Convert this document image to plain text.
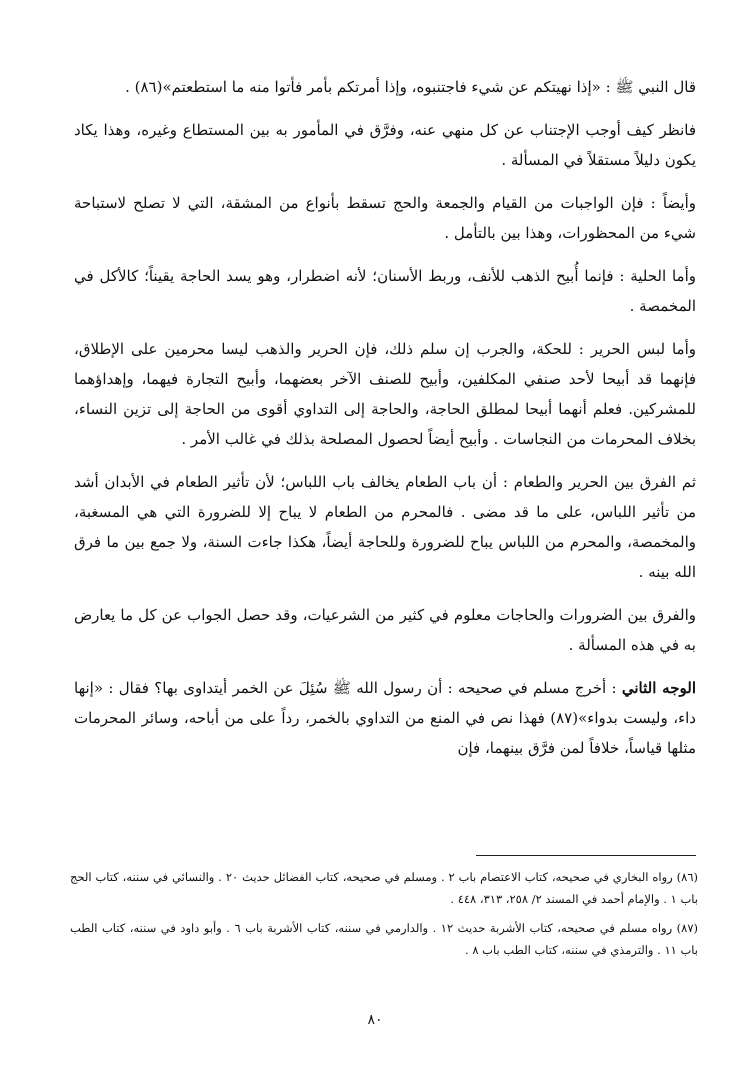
قال النبي ﷺ : «إذا نهيتكم عن شيء فاجتنبوه، وإذا أمرتكم بأمر فأتوا منه ما استطعتم»(٨٦) .

فانظر كيف أوجب الإجتناب عن كل منهي عنه، وفرَّق في المأمور به بين المستطاع وغيره، وهذا يكاد يكون دليلاً مستقلاً في المسألة .

وأيضاً : فإن الواجبات من القيام والجمعة والحج تسقط بأنواع من المشقة، التي لا تصلح لاستباحة شيء من المحظورات، وهذا بين بالتأمل .

وأما الحلية : فإنما أُبيح الذهب للأنف، وربط الأسنان؛ لأنه اضطرار، وهو يسد الحاجة يقيناً؛ كالأكل في المخمصة .

وأما لبس الحرير : للحكة، والجرب إن سلم ذلك، فإن الحرير والذهب ليسا محرمين على الإطلاق، فإنهما قد أبيحا لأحد صنفي المكلفين، وأبيح للصنف الآخر بعضهما، وأبيح التجارة فيهما، وإهداؤهما للمشركين. فعلم أنهما أبيحا لمطلق الحاجة، والحاجة إلى التداوي أقوى من الحاجة إلى تزين النساء، بخلاف المحرمات من النجاسات . وأبيح أيضاً لحصول المصلحة بذلك في غالب الأمر .

ثم الفرق بين الحرير والطعام : أن باب الطعام يخالف باب اللباس؛ لأن تأثير الطعام في الأبدان أشد من تأثير اللباس، على ما قد مضى . فالمحرم من الطعام لا يباح إلا للضرورة التي هي المسغبة، والمخمصة، والمحرم من اللباس يباح للضرورة وللحاجة أيضاً، هكذا جاءت السنة، ولا جمع بين ما فرق الله بينه .

والفرق بين الضرورات والحاجات معلوم في كثير من الشرعيات، وقد حصل الجواب عن كل ما يعارض به في هذه المسألة .

الوجه الثاني : أخرج مسلم في صحيحه : أن رسول الله ﷺ سُئِلَ عن الخمر أيتداوى بها؟ فقال : «إنها داء، وليست بدواء»(٨٧) فهذا نص في المنع من التداوي بالخمر، رداً على من أباحه، وسائر المحرمات مثلها قياساً، خلافاً لمن فرَّق بينهما، فإن

(٨٦) رواه البخاري في صحيحه، كتاب الاعتصام باب ٢ . ومسلم في صحيحه، كتاب الفضائل حديث ٢٠ . والنسائي في سننه، كتاب الحج باب ١ . والإمام أحمد في المسند ٢/ ٢٥٨، ٣١٣، ٤٤٨ .

(٨٧) رواه مسلم في صحيحه، كتاب الأشربة حديث ١٢ . والدارمي في سننه، كتاب الأشربة باب ٦ . وأبو داود في سننه، كتاب الطب باب ١١ . والترمذي في سننه، كتاب الطب باب ٨ .

٨٠
